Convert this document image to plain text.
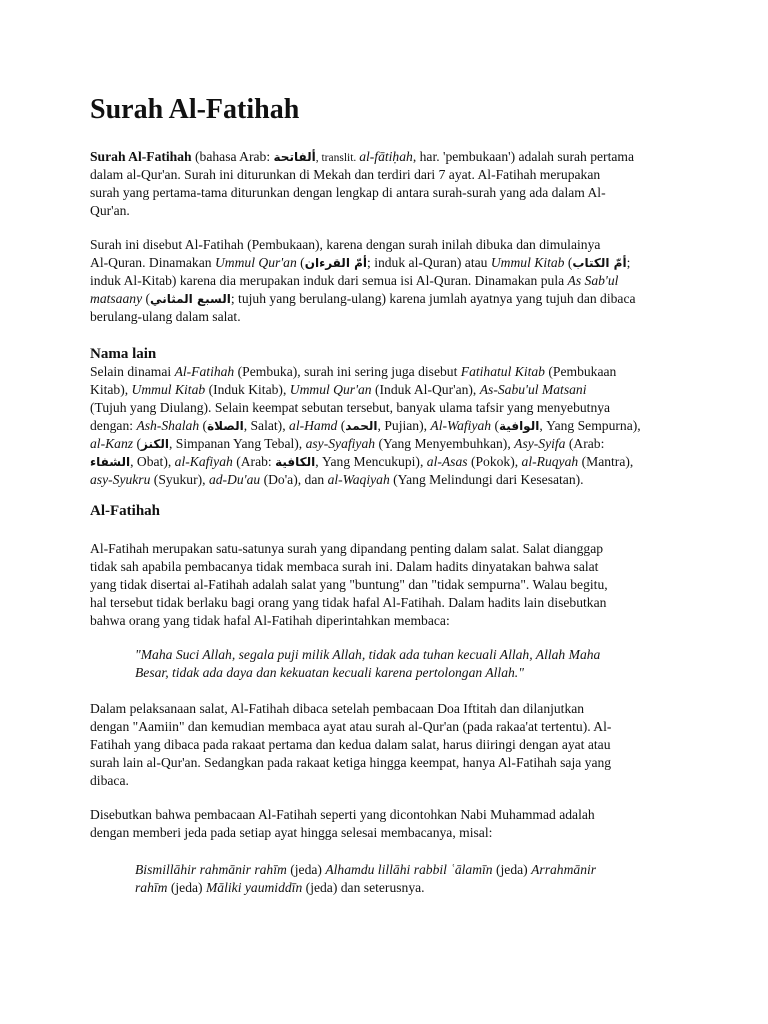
Surah Al-Fatihah
Surah Al-Fatihah (bahasa Arab: ألفاتحة, translit. al-fātiḥah, har. 'pembukaan') adalah surah pertama
dalam al-Qur'an. Surah ini diturunkan di Mekah dan terdiri dari 7 ayat. Al-Fatihah merupakan
surah yang pertama-tama diturunkan dengan lengkap di antara surah-surah yang ada dalam Al-
Qur'an.
Surah ini disebut Al-Fatihah (Pembukaan), karena dengan surah inilah dibuka dan dimulainya
Al-Quran. Dinamakan Ummul Qur'an (أمّ القرءان; induk al-Quran) atau Ummul Kitab (أمّ الكتاب;
induk Al-Kitab) karena dia merupakan induk dari semua isi Al-Quran. Dinamakan pula As Sab'ul
matsaany (السبع المثاني; tujuh yang berulang-ulang) karena jumlah ayatnya yang tujuh dan dibaca
berulang-ulang dalam salat.
Nama lain
Selain dinamai Al-Fatihah (Pembuka), surah ini sering juga disebut Fatihatul Kitab (Pembukaan
Kitab), Ummul Kitab (Induk Kitab), Ummul Qur'an (Induk Al-Qur'an), As-Sabu'ul Matsani
(Tujuh yang Diulang). Selain keempat sebutan tersebut, banyak ulama tafsir yang menyebutnya
dengan: Ash-Shalah (الصلاة, Salat), al-Hamd (الحمد, Pujian), Al-Wafiyah (الوافية, Yang Sempurna),
al-Kanz (الكنز, Simpanan Yang Tebal), asy-Syafiyah (Yang Menyembuhkan), Asy-Syifa (Arab:
الشفاء, Obat), al-Kafiyah (Arab: الكافية, Yang Mencukupi), al-Asas (Pokok), al-Ruqyah (Mantra),
asy-Syukru (Syukur), ad-Du'au (Do'a), dan al-Waqiyah (Yang Melindungi dari Kesesatan).
Al-Fatihah
Al-Fatihah merupakan satu-satunya surah yang dipandang penting dalam salat. Salat dianggap
tidak sah apabila pembacanya tidak membaca surah ini. Dalam hadits dinyatakan bahwa salat
yang tidak disertai al-Fatihah adalah salat yang "buntung" dan "tidak sempurna". Walau begitu,
hal tersebut tidak berlaku bagi orang yang tidak hafal Al-Fatihah. Dalam hadits lain disebutkan
bahwa orang yang tidak hafal Al-Fatihah diperintahkan membaca:
"Maha Suci Allah, segala puji milik Allah, tidak ada tuhan kecuali Allah, Allah Maha
Besar, tidak ada daya dan kekuatan kecuali karena pertolongan Allah."
Dalam pelaksanaan salat, Al-Fatihah dibaca setelah pembacaan Doa Iftitah dan dilanjutkan
dengan "Aamiin" dan kemudian membaca ayat atau surah al-Qur'an (pada rakaa'at tertentu). Al-
Fatihah yang dibaca pada rakaat pertama dan kedua dalam salat, harus diiringi dengan ayat atau
surah lain al-Qur'an. Sedangkan pada rakaat ketiga hingga keempat, hanya Al-Fatihah saja yang
dibaca.
Disebutkan bahwa pembacaan Al-Fatihah seperti yang dicontohkan Nabi Muhammad adalah
dengan memberi jeda pada setiap ayat hingga selesai membacanya, misal:
Bismillāhir rahmānir rahīm (jeda) Alhamdu lillāhi rabbil ʿālamīn (jeda) Arrahmānir
rahīm (jeda) Māliki yaumiddīn (jeda) dan seterusnya.
